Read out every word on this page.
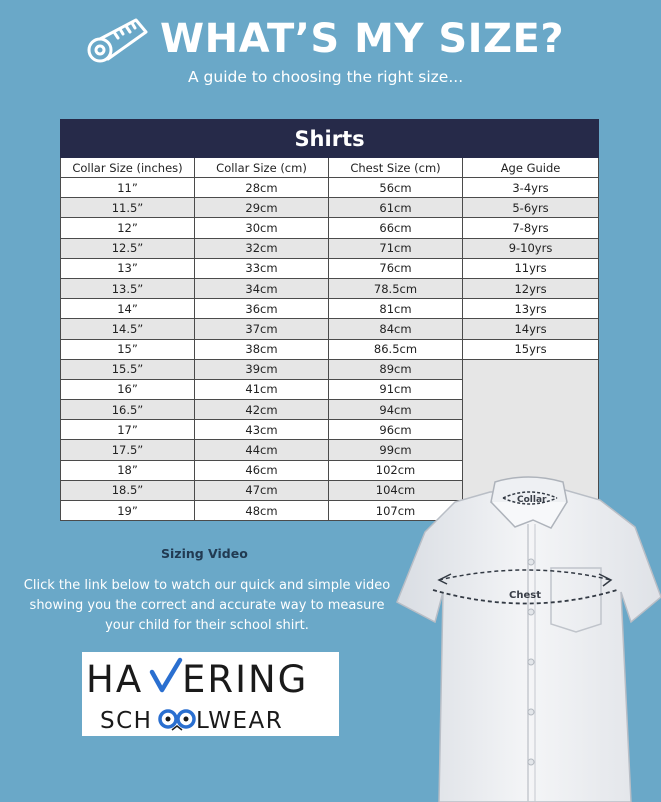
WHAT’S MY SIZE?
A guide to choosing the right size...
Shirts			
Collar Size (inches)	Collar Size (cm)	Chest Size (cm)	Age Guide
11”	28cm	56cm	3-4yrs
11.5”	29cm	61cm	5-6yrs
12”	30cm	66cm	7-8yrs
12.5”	32cm	71cm	9-10yrs
13”	33cm	76cm	11yrs
13.5”	34cm	78.5cm	12yrs
14”	36cm	81cm	13yrs
14.5”	37cm	84cm	14yrs
15”	38cm	86.5cm	15yrs
15.5”	39cm	89cm	
16”	41cm	91cm	
16.5”	42cm	94cm	
17”	43cm	96cm	
17.5”	44cm	99cm	
18”	46cm	102cm	
18.5”	47cm	104cm	
19”	48cm	107cm	
Sizing Video
Click the link below to watch our quick and simple video showing you the correct and accurate way to measure your child for their school shirt.
HA ERING
SCH LWEAR
Collar
Chest
